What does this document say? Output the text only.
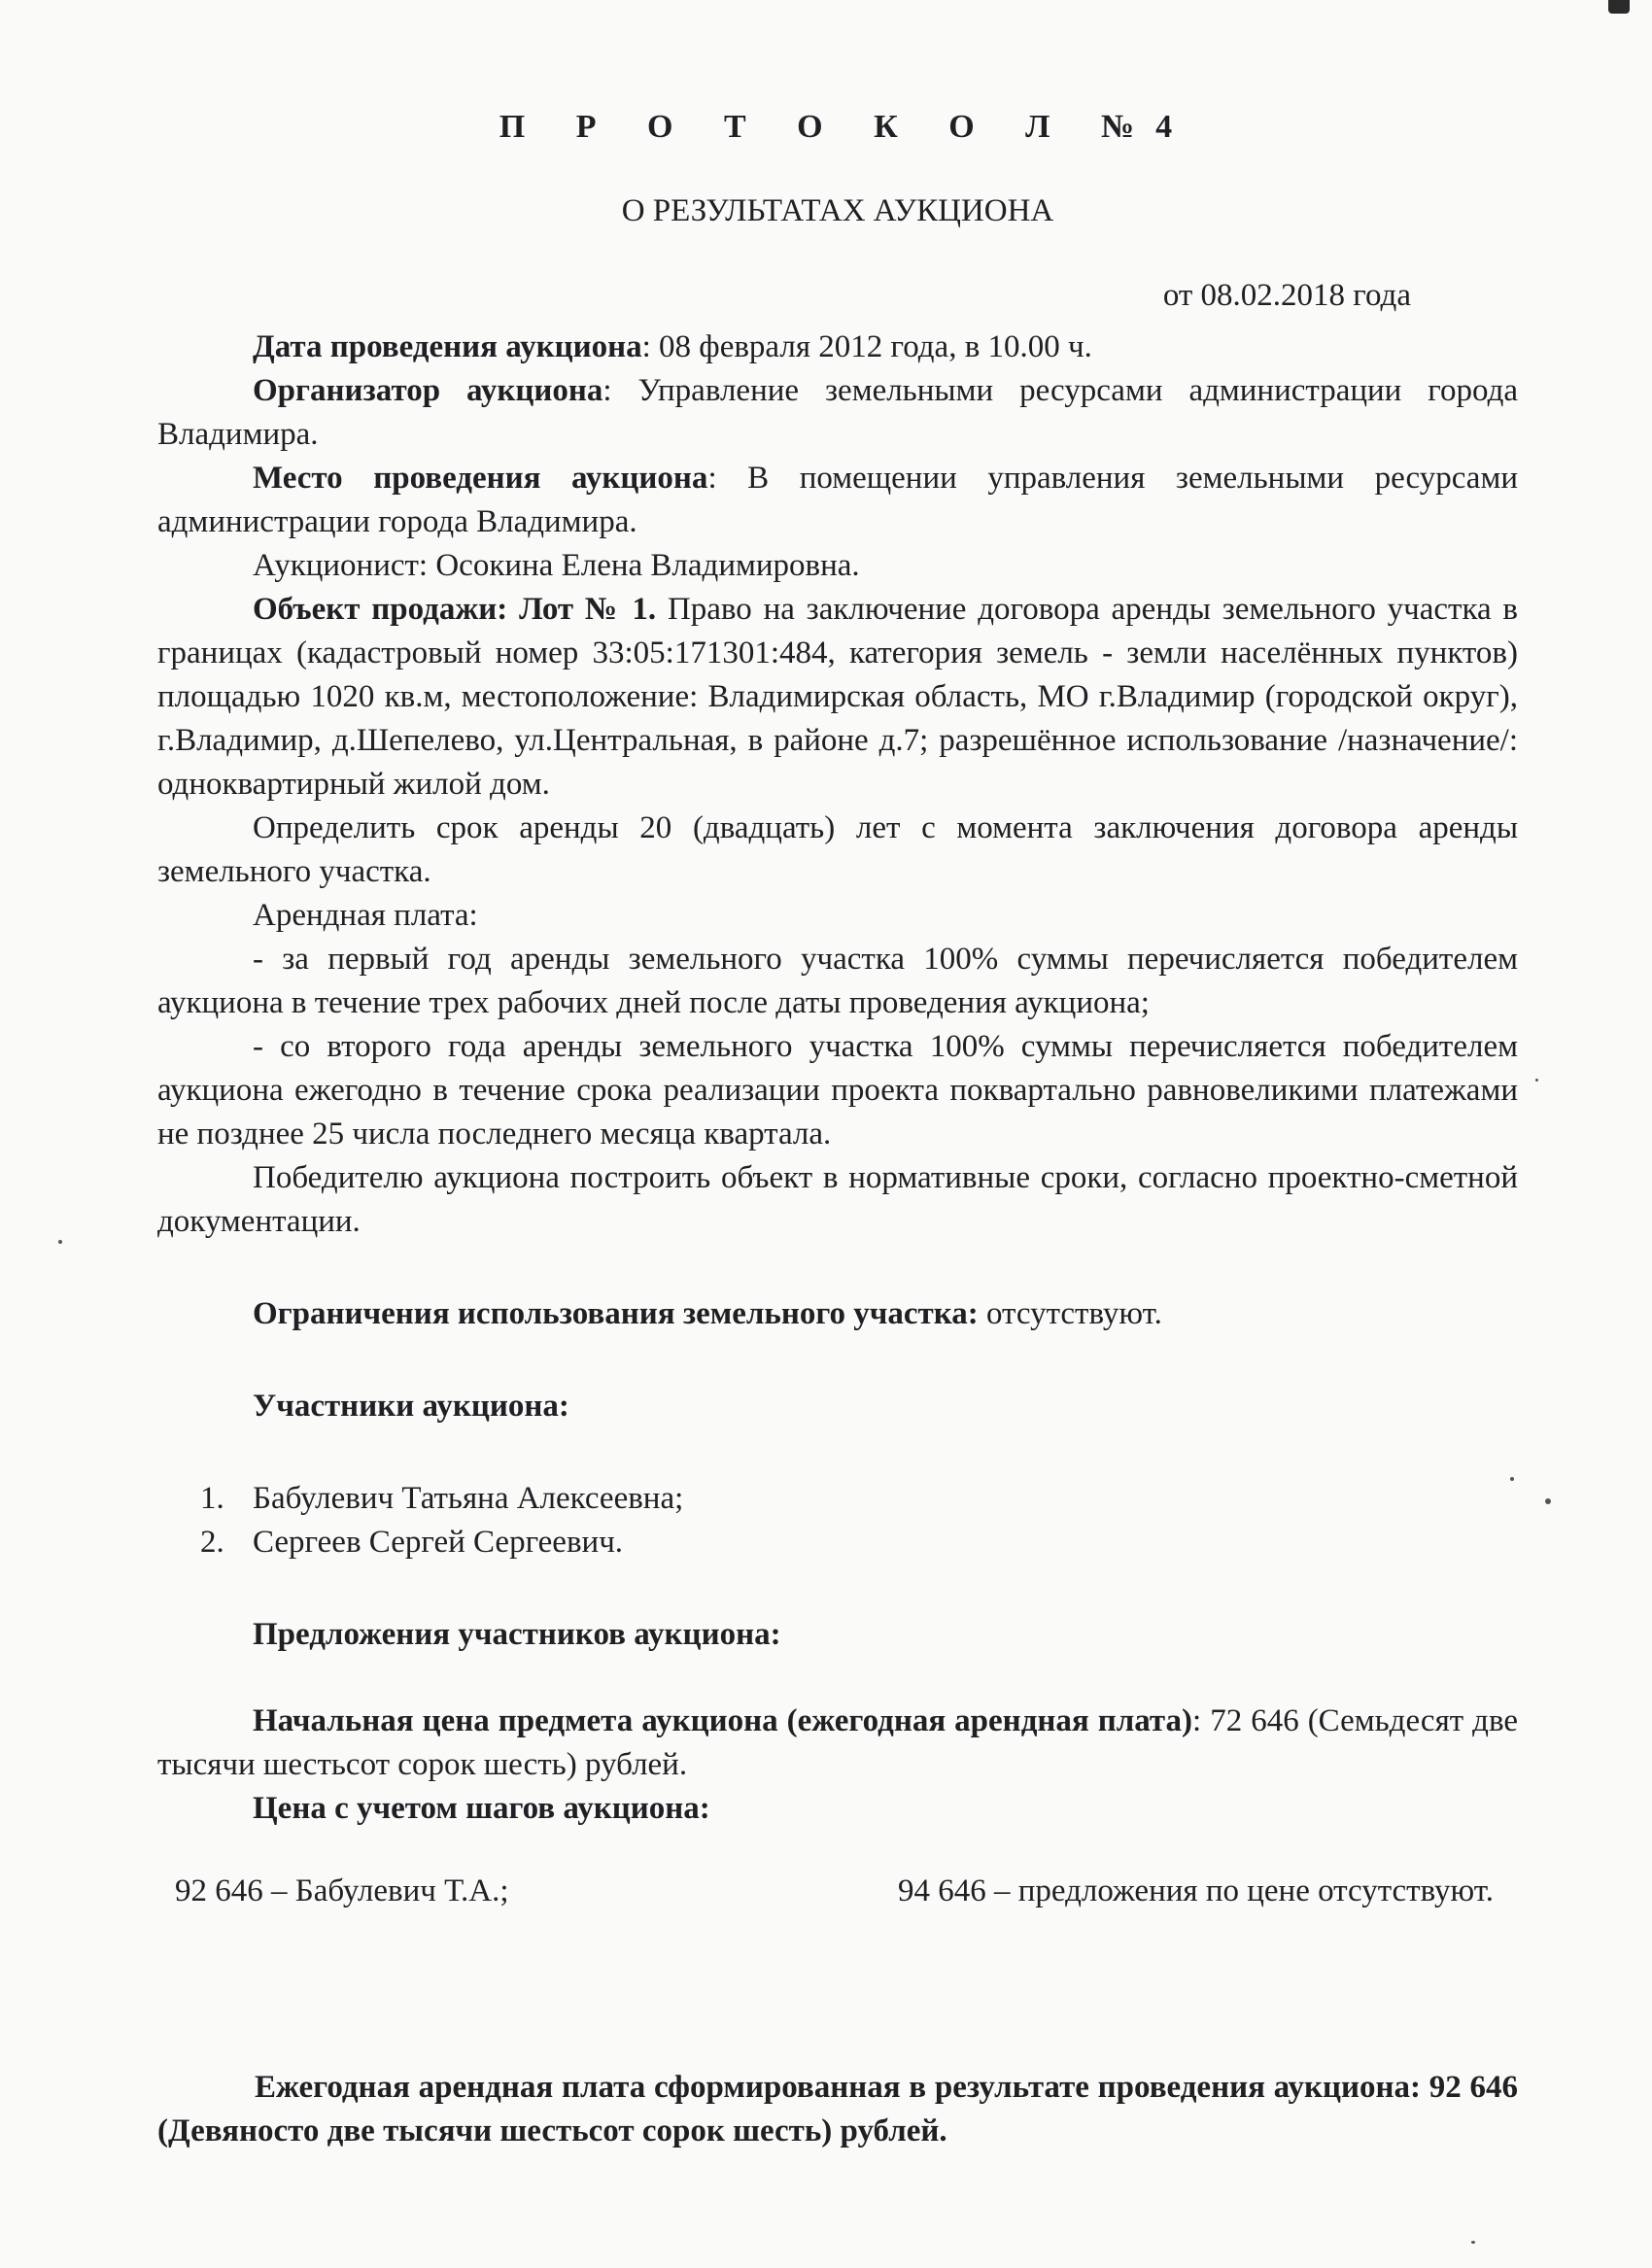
П Р О Т О К О Л №4
О РЕЗУЛЬТАТАХ АУКЦИОНА
от 08.02.2018 года

Дата проведения аукциона: 08 февраля 2012 года, в 10.00 ч.

Организатор аукциона: Управление земельными ресурсами администрации города Владимира.

Место проведения аукциона: В помещении управления земельными ресурсами администрации города Владимира.

Аукционист: Осокина Елена Владимировна.

Объект продажи: Лот № 1. Право на заключение договора аренды земельного участка в границах (кадастровый номер 33:05:171301:484, категория земель - земли населённых пунктов) площадью 1020 кв.м, местоположение: Владимирская область, МО г.Владимир (городской округ), г.Владимир, д.Шепелево, ул.Центральная, в районе д.7; разрешённое использование /назначение/: одноквартирный жилой дом.

Определить срок аренды 20 (двадцать) лет с момента заключения договора аренды земельного участка.

Арендная плата:

- за первый год аренды земельного участка 100% суммы перечисляется победителем аукциона в течение трех рабочих дней после даты проведения аукциона;

- со второго года аренды земельного участка 100% суммы перечисляется победителем аукциона ежегодно в течение срока реализации проекта поквартально равновеликими платежами не позднее 25 числа последнего месяца квартала.

Победителю аукциона построить объект в нормативные сроки, согласно проектно-сметной документации.

Ограничения использования земельного участка: отсутствуют.

Участники аукциона:

1. Бабулевич Татьяна Алексеевна;
2. Сергеев Сергей Сергеевич.

Предложения участников аукциона:

Начальная цена предмета аукциона (ежегодная арендная плата): 72 646 (Семьдесят две тысячи шестьсот сорок шесть) рублей.

Цена с учетом шагов аукциона:

92 646 – Бабулевич Т.А.;	94 646 – предложения по цене отсутствуют.

Ежегодная арендная плата сформированная в результате проведения аукциона: 92 646 (Девяносто две тысячи шестьсот сорок шесть) рублей.
